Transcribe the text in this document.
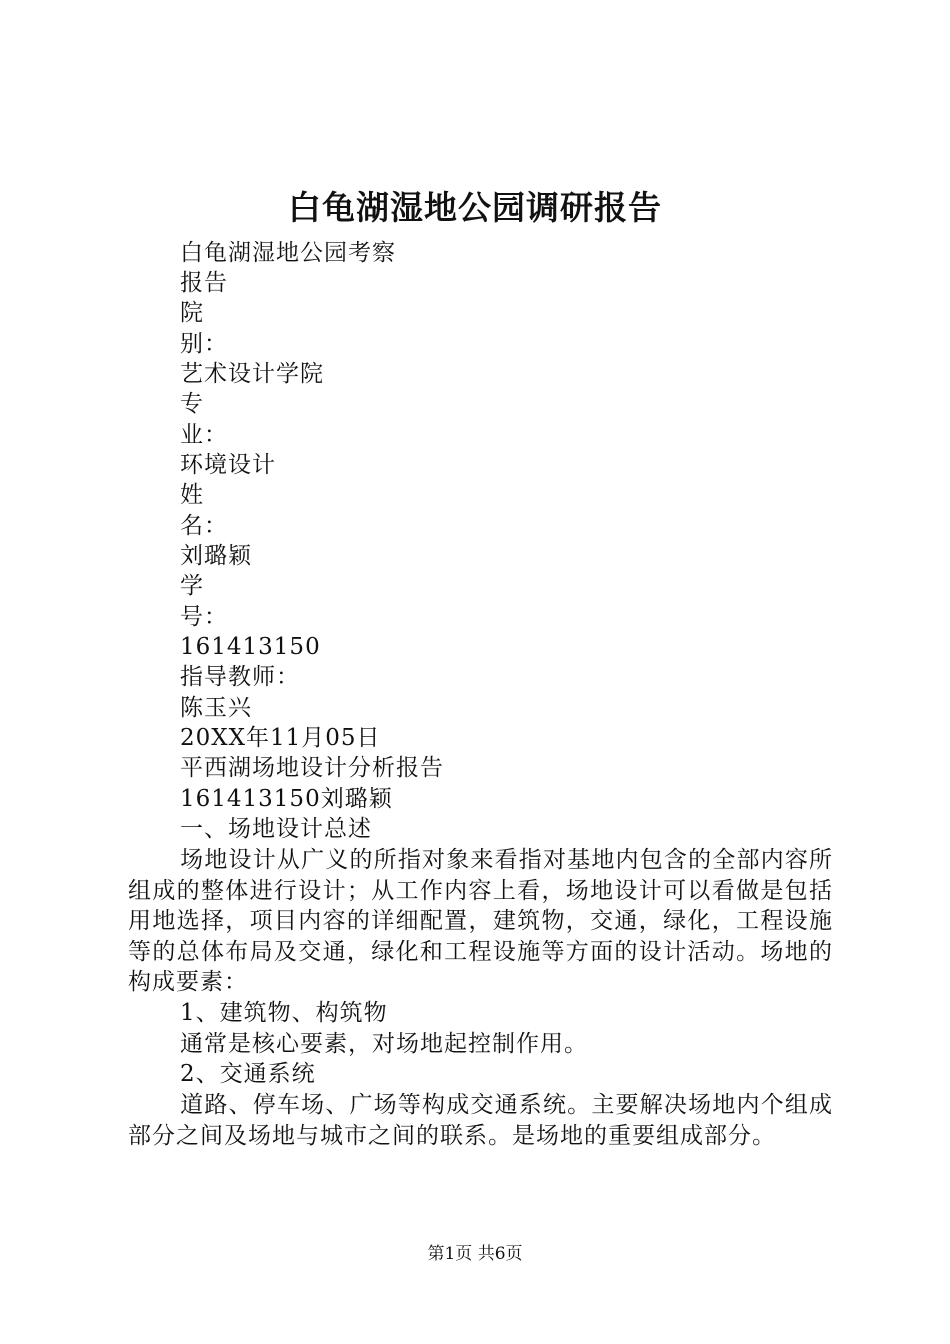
白龟湖湿地公园调研报告
白龟湖湿地公园考察
报告
院
别：
艺术设计学院
专
业：
环境设计
姓
名：
刘璐颖
学
号：
161413150
指导教师：
陈玉兴
20XX年11月05日
平西湖场地设计分析报告
161413150刘璐颖
一、场地设计总述
场地设计从广义的所指对象来看指对基地内包含的全部内容所组成的整体进行设计；从工作内容上看，场地设计可以看做是包括用地选择，项目内容的详细配置，建筑物，交通，绿化，工程设施等的总体布局及交通，绿化和工程设施等方面的设计活动。场地的构成要素：
1、建筑物、构筑物
通常是核心要素，对场地起控制作用。
2、交通系统
道路、停车场、广场等构成交通系统。主要解决场地内个组成部分之间及场地与城市之间的联系。是场地的重要组成部分。
第1页 共6页
